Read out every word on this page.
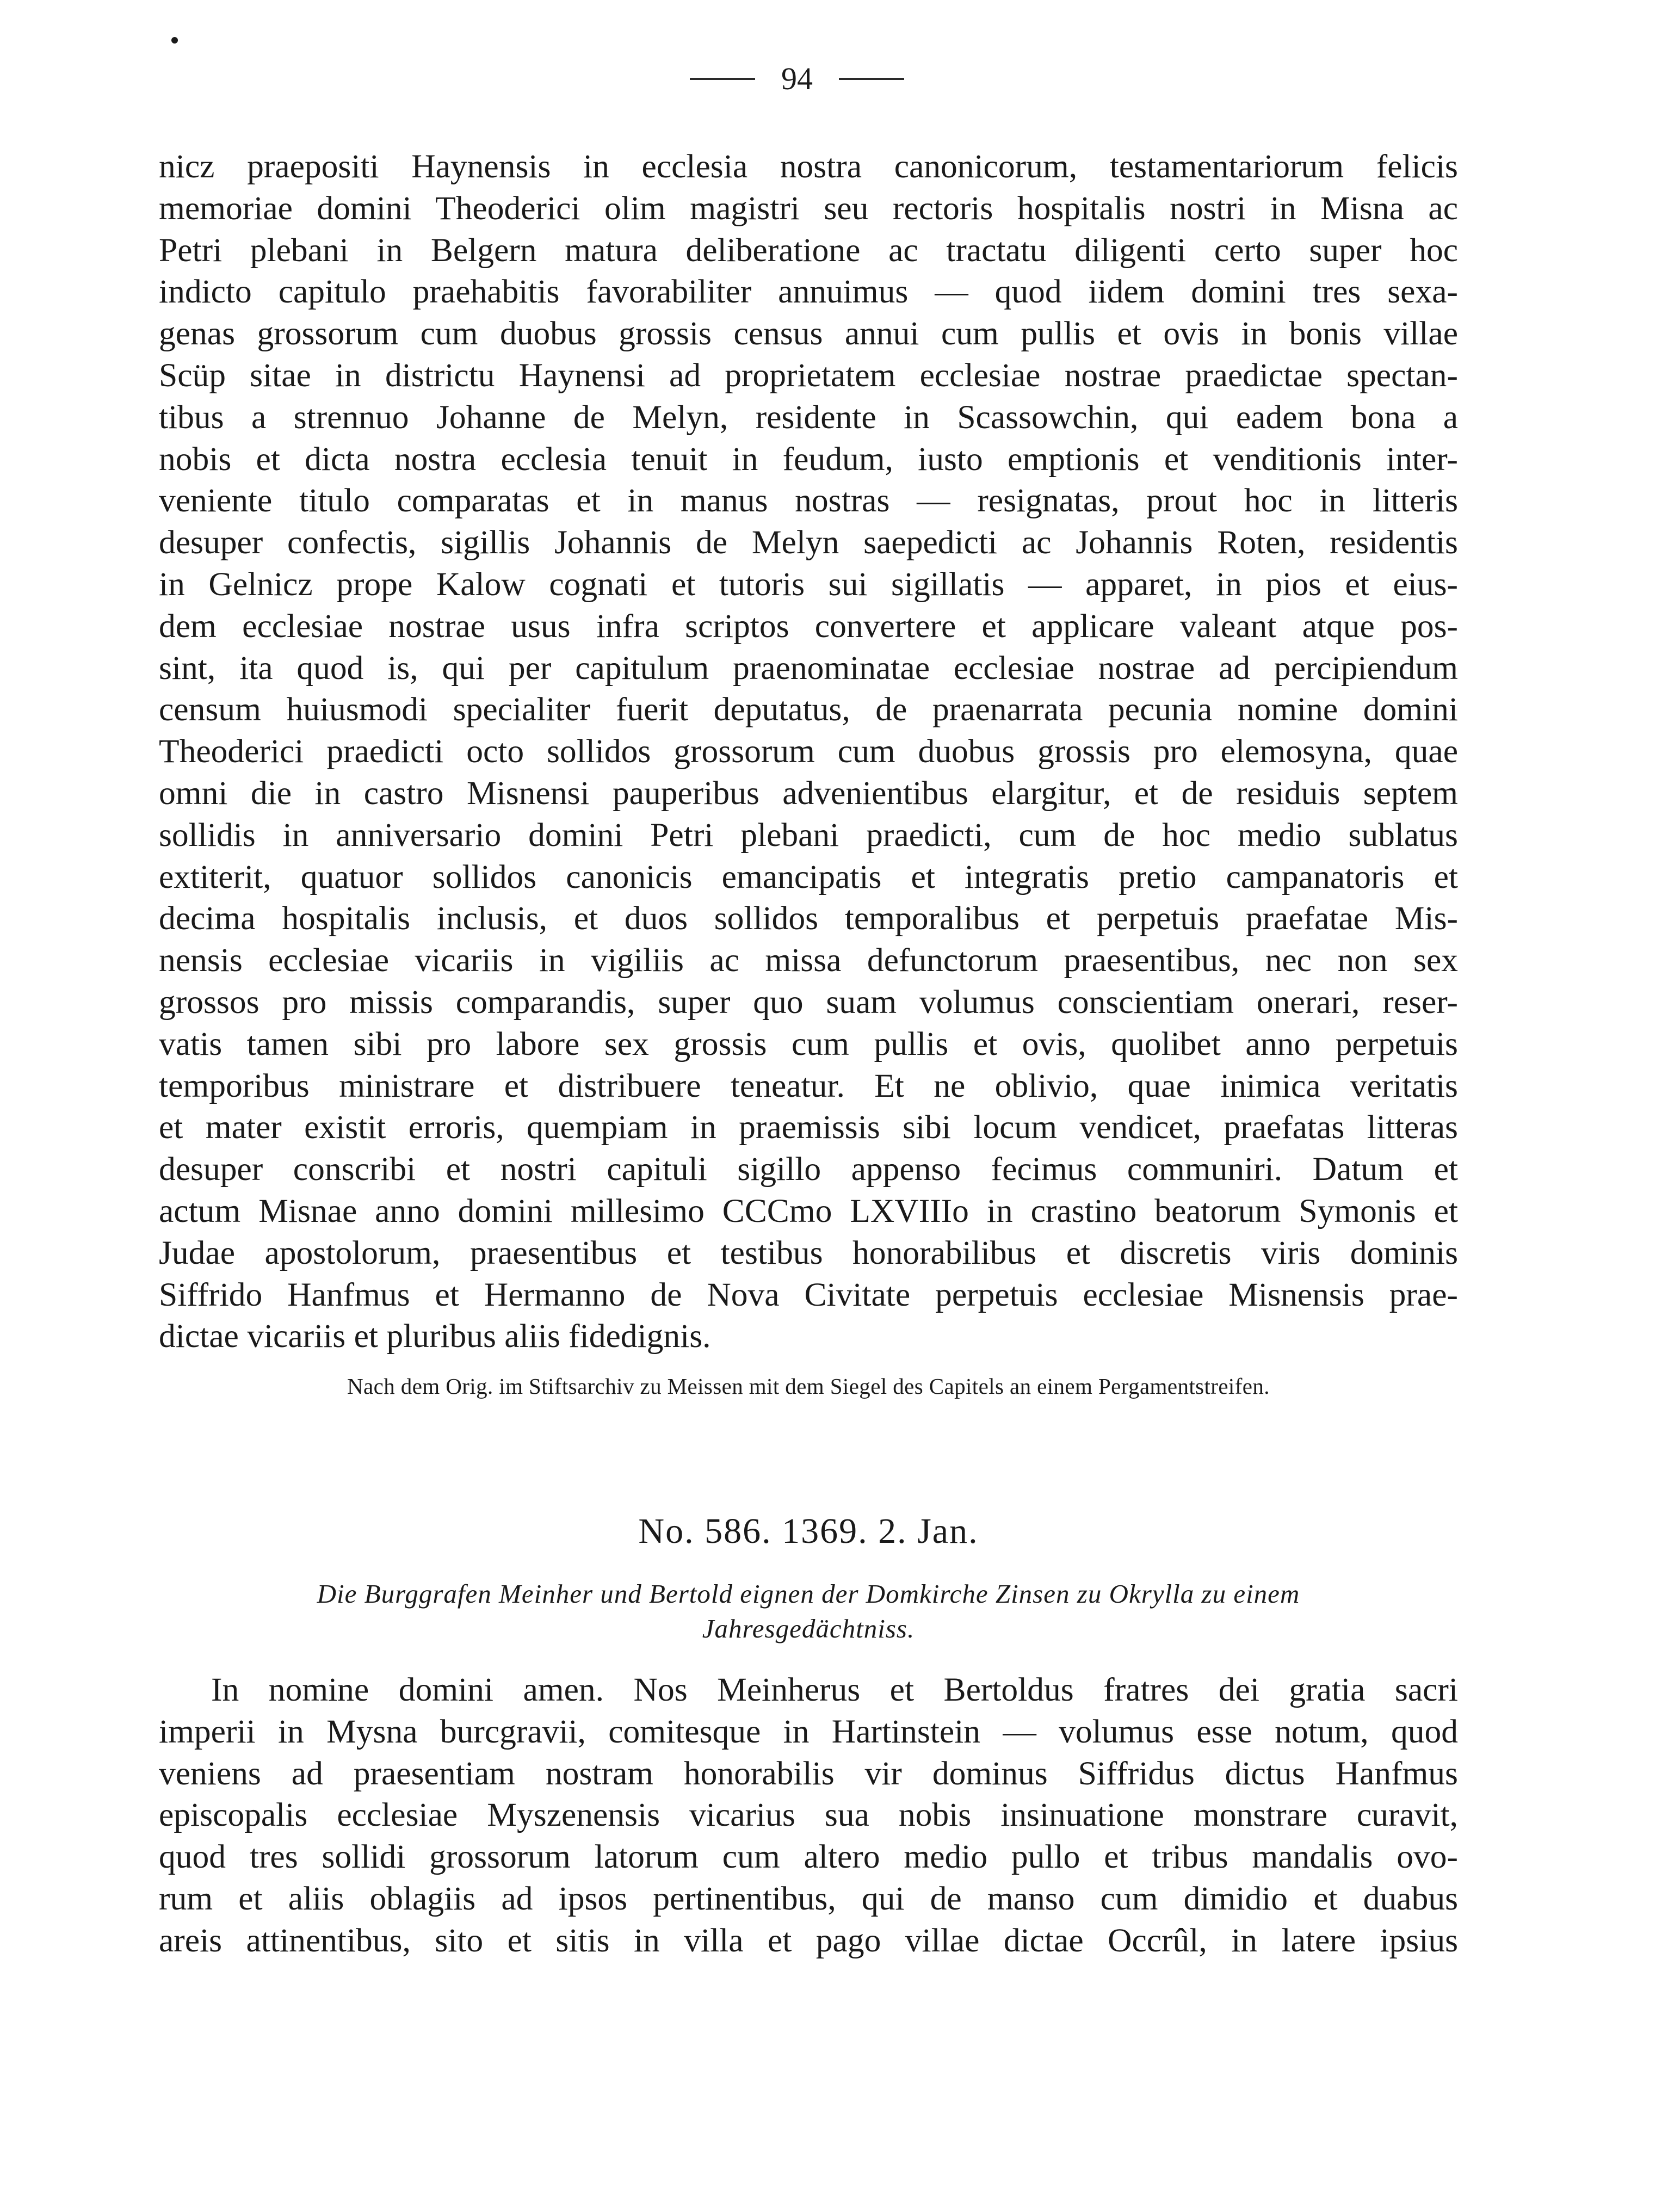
94
nicz praepositi Haynensis in ecclesia nostra canonicorum, testamentariorum felicis
memoriae domini Theoderici olim magistri seu rectoris hospitalis nostri in Misna ac
Petri plebani in Belgern matura deliberatione ac tractatu diligenti certo super hoc
indicto capitulo praehabitis favorabiliter annuimus — quod iidem domini tres sexa-
genas grossorum cum duobus grossis census annui cum pullis et ovis in bonis villae
Scüp sitae in districtu Haynensi ad proprietatem ecclesiae nostrae praedictae spectan-
tibus a strennuo Johanne de Melyn, residente in Scassowchin, qui eadem bona a
nobis et dicta nostra ecclesia tenuit in feudum, iusto emptionis et venditionis inter-
veniente titulo comparatas et in manus nostras — resignatas, prout hoc in litteris
desuper confectis, sigillis Johannis de Melyn saepedicti ac Johannis Roten, residentis
in Gelnicz prope Kalow cognati et tutoris sui sigillatis — apparet, in pios et eius-
dem ecclesiae nostrae usus infra scriptos convertere et applicare valeant atque pos-
sint, ita quod is, qui per capitulum praenominatae ecclesiae nostrae ad percipiendum
censum huiusmodi specialiter fuerit deputatus, de praenarrata pecunia nomine domini
Theoderici praedicti octo sollidos grossorum cum duobus grossis pro elemosyna, quae
omni die in castro Misnensi pauperibus advenientibus elargitur, et de residuis septem
sollidis in anniversario domini Petri plebani praedicti, cum de hoc medio sublatus
extiterit, quatuor sollidos canonicis emancipatis et integratis pretio campanatoris et
decima hospitalis inclusis, et duos sollidos temporalibus et perpetuis praefatae Mis-
nensis ecclesiae vicariis in vigiliis ac missa defunctorum praesentibus, nec non sex
grossos pro missis comparandis, super quo suam volumus conscientiam onerari, reser-
vatis tamen sibi pro labore sex grossis cum pullis et ovis, quolibet anno perpetuis
temporibus ministrare et distribuere teneatur. Et ne oblivio, quae inimica veritatis
et mater existit erroris, quempiam in praemissis sibi locum vendicet, praefatas litteras
desuper conscribi et nostri capituli sigillo appenso fecimus communiri. Datum et
actum Misnae anno domini millesimo CCCmo LXVIIIo in crastino beatorum Symonis et
Judae apostolorum, praesentibus et testibus honorabilibus et discretis viris dominis
Siffrido Hanfmus et Hermanno de Nova Civitate perpetuis ecclesiae Misnensis prae-
dictae vicariis et pluribus aliis fidedignis.
Nach dem Orig. im Stiftsarchiv zu Meissen mit dem Siegel des Capitels an einem Pergamentstreifen.
No. 586. 1369. 2. Jan.
Die Burggrafen Meinher und Bertold eignen der Domkirche Zinsen zu Okrylla zu einem
Jahresgedächtniss.
In nomine domini amen. Nos Meinherus et Bertoldus fratres dei gratia sacri
imperii in Mysna burcgravii, comitesque in Hartinstein — volumus esse notum, quod
veniens ad praesentiam nostram honorabilis vir dominus Siffridus dictus Hanfmus
episcopalis ecclesiae Myszenensis vicarius sua nobis insinuatione monstrare curavit,
quod tres sollidi grossorum latorum cum altero medio pullo et tribus mandalis ovo-
rum et aliis oblagiis ad ipsos pertinentibus, qui de manso cum dimidio et duabus
areis attinentibus, sito et sitis in villa et pago villae dictae Occrûl, in latere ipsius
